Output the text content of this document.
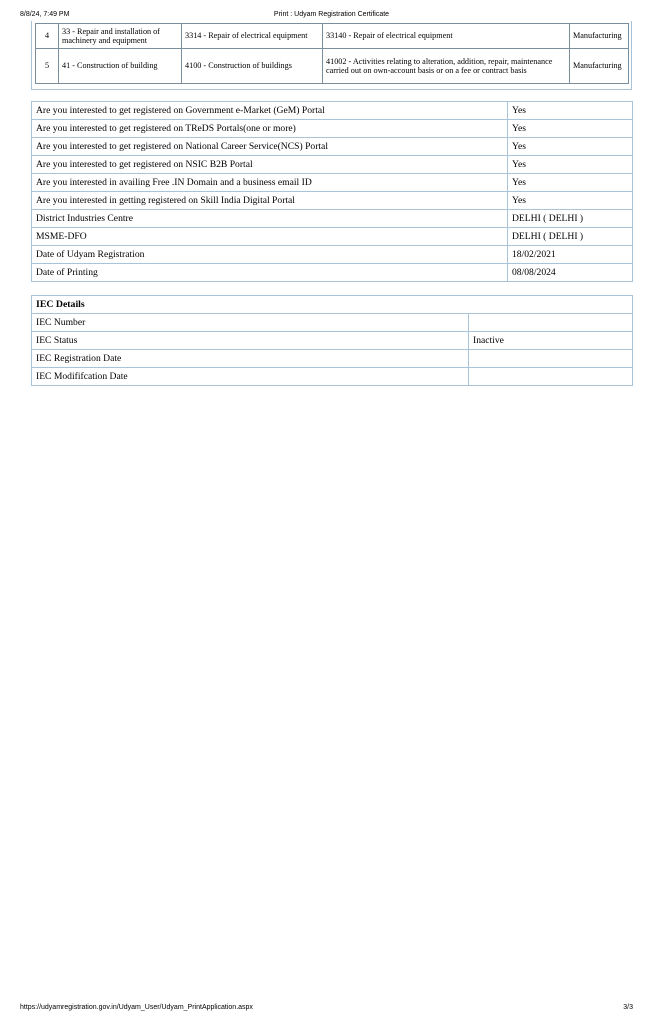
8/8/24, 7:49 PM	Print : Udyam Registration Certificate
4	33 - Repair and installation of machinery and equipment	3314 - Repair of electrical equipment	33140 - Repair of electrical equipment	Manufacturing
5	41 - Construction of building	4100 - Construction of buildings	41002 - Activities relating to alteration, addition, repair, maintenance carried out on own-account basis or on a fee or contract basis	Manufacturing
Are you interested to get registered on Government e-Market (GeM) Portal	Yes
Are you interested to get registered on TReDS Portals(one or more)	Yes
Are you interested to get registered on National Career Service(NCS) Portal	Yes
Are you interested to get registered on NSIC B2B Portal	Yes
Are you interested in availing Free .IN Domain and a business email ID	Yes
Are you interested in getting registered on Skill India Digital Portal	Yes
District Industries Centre	DELHI ( DELHI )
MSME-DFO	DELHI ( DELHI )
Date of Udyam Registration	18/02/2021
Date of Printing	08/08/2024
IEC Details	
IEC Number	
IEC Status	Inactive
IEC Registration Date	
IEC Modififcation Date	
https://udyamregistration.gov.in/Udyam_User/Udyam_PrintApplication.aspx	3/3
